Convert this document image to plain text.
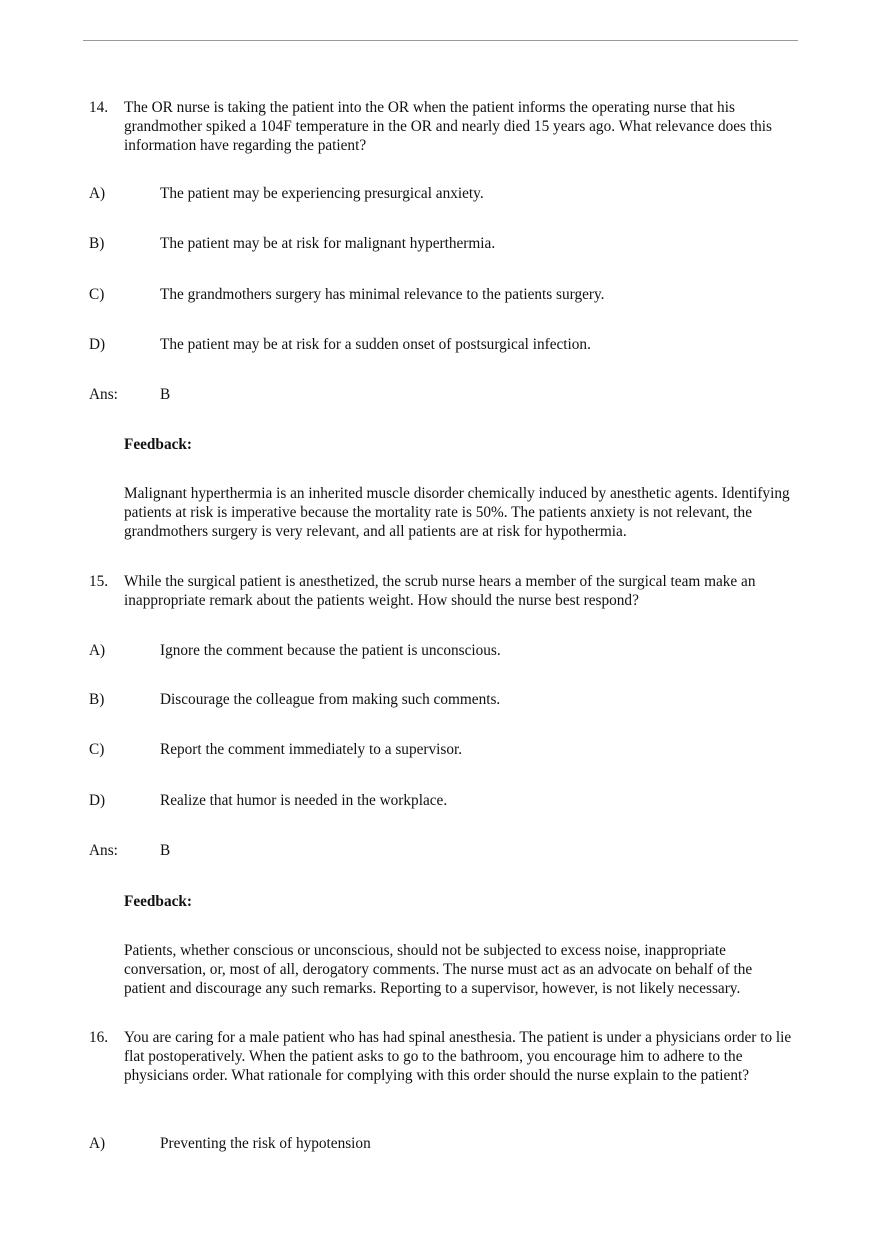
14. The OR nurse is taking the patient into the OR when the patient informs the operating nurse that his grandmother spiked a 104F temperature in the OR and nearly died 15 years ago. What relevance does this information have regarding the patient?
A)	The patient may be experiencing presurgical anxiety.
B)	The patient may be at risk for malignant hyperthermia.
C)	The grandmothers surgery has minimal relevance to the patients surgery.
D)	The patient may be at risk for a sudden onset of postsurgical infection.
Ans:	B
Feedback:
Malignant hyperthermia is an inherited muscle disorder chemically induced by anesthetic agents. Identifying patients at risk is imperative because the mortality rate is 50%. The patients anxiety is not relevant, the grandmothers surgery is very relevant, and all patients are at risk for hypothermia.
15. While the surgical patient is anesthetized, the scrub nurse hears a member of the surgical team make an inappropriate remark about the patients weight. How should the nurse best respond?
A)	Ignore the comment because the patient is unconscious.
B)	Discourage the colleague from making such comments.
C)	Report the comment immediately to a supervisor.
D)	Realize that humor is needed in the workplace.
Ans:	B
Feedback:
Patients, whether conscious or unconscious, should not be subjected to excess noise, inappropriate conversation, or, most of all, derogatory comments. The nurse must act as an advocate on behalf of the patient and discourage any such remarks. Reporting to a supervisor, however, is not likely necessary.
16. You are caring for a male patient who has had spinal anesthesia. The patient is under a physicians order to lie flat postoperatively. When the patient asks to go to the bathroom, you encourage him to adhere to the physicians order. What rationale for complying with this order should the nurse explain to the patient?
A)	Preventing the risk of hypotension
